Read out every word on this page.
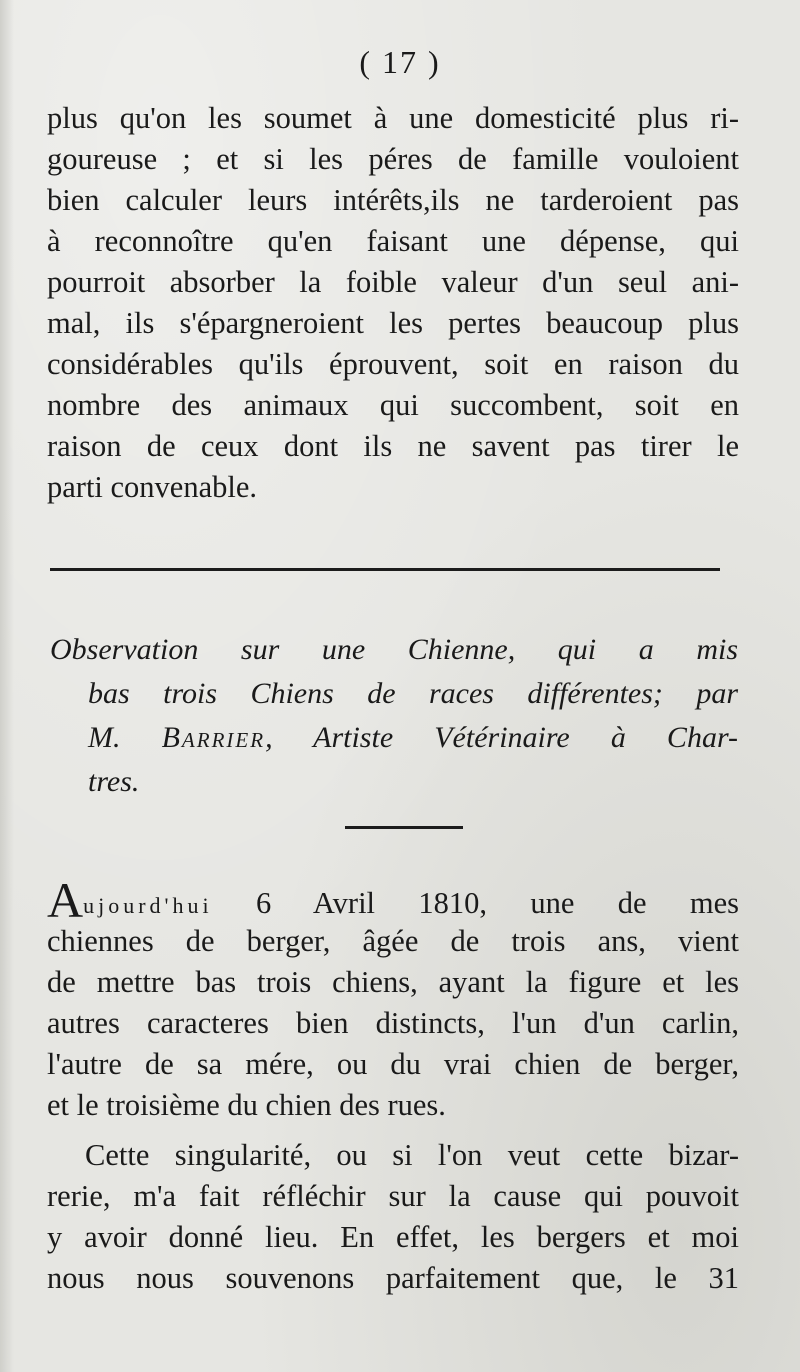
( 17 )
plus qu'on les soumet à une domesticité plus ri-
goureuse ; et si les péres de famille vouloient
bien calculer leurs intérêts,ils ne tarderoient pas
à reconnoître qu'en faisant une dépense, qui
pourroit absorber la foible valeur d'un seul ani-
mal, ils s'épargneroient les pertes beaucoup plus
considérables qu'ils éprouvent, soit en raison du
nombre des animaux qui succombent, soit en
raison de ceux dont ils ne savent pas tirer le
parti convenable.
Observation sur une Chienne, qui a mis
bas trois Chiens de races différentes; par
M. Barrier, Artiste Vétérinaire à Char-
tres.
Aujourd'hui 6 Avril 1810, une de mes
chiennes de berger, âgée de trois ans, vient
de mettre bas trois chiens, ayant la figure et les
autres caracteres bien distincts, l'un d'un carlin,
l'autre de sa mére, ou du vrai chien de berger,
et le troisième du chien des rues.
Cette singularité, ou si l'on veut cette bizar-
rerie, m'a fait réfléchir sur la cause qui pouvoit
y avoir donné lieu. En effet, les bergers et moi
nous nous souvenons parfaitement que, le 31
